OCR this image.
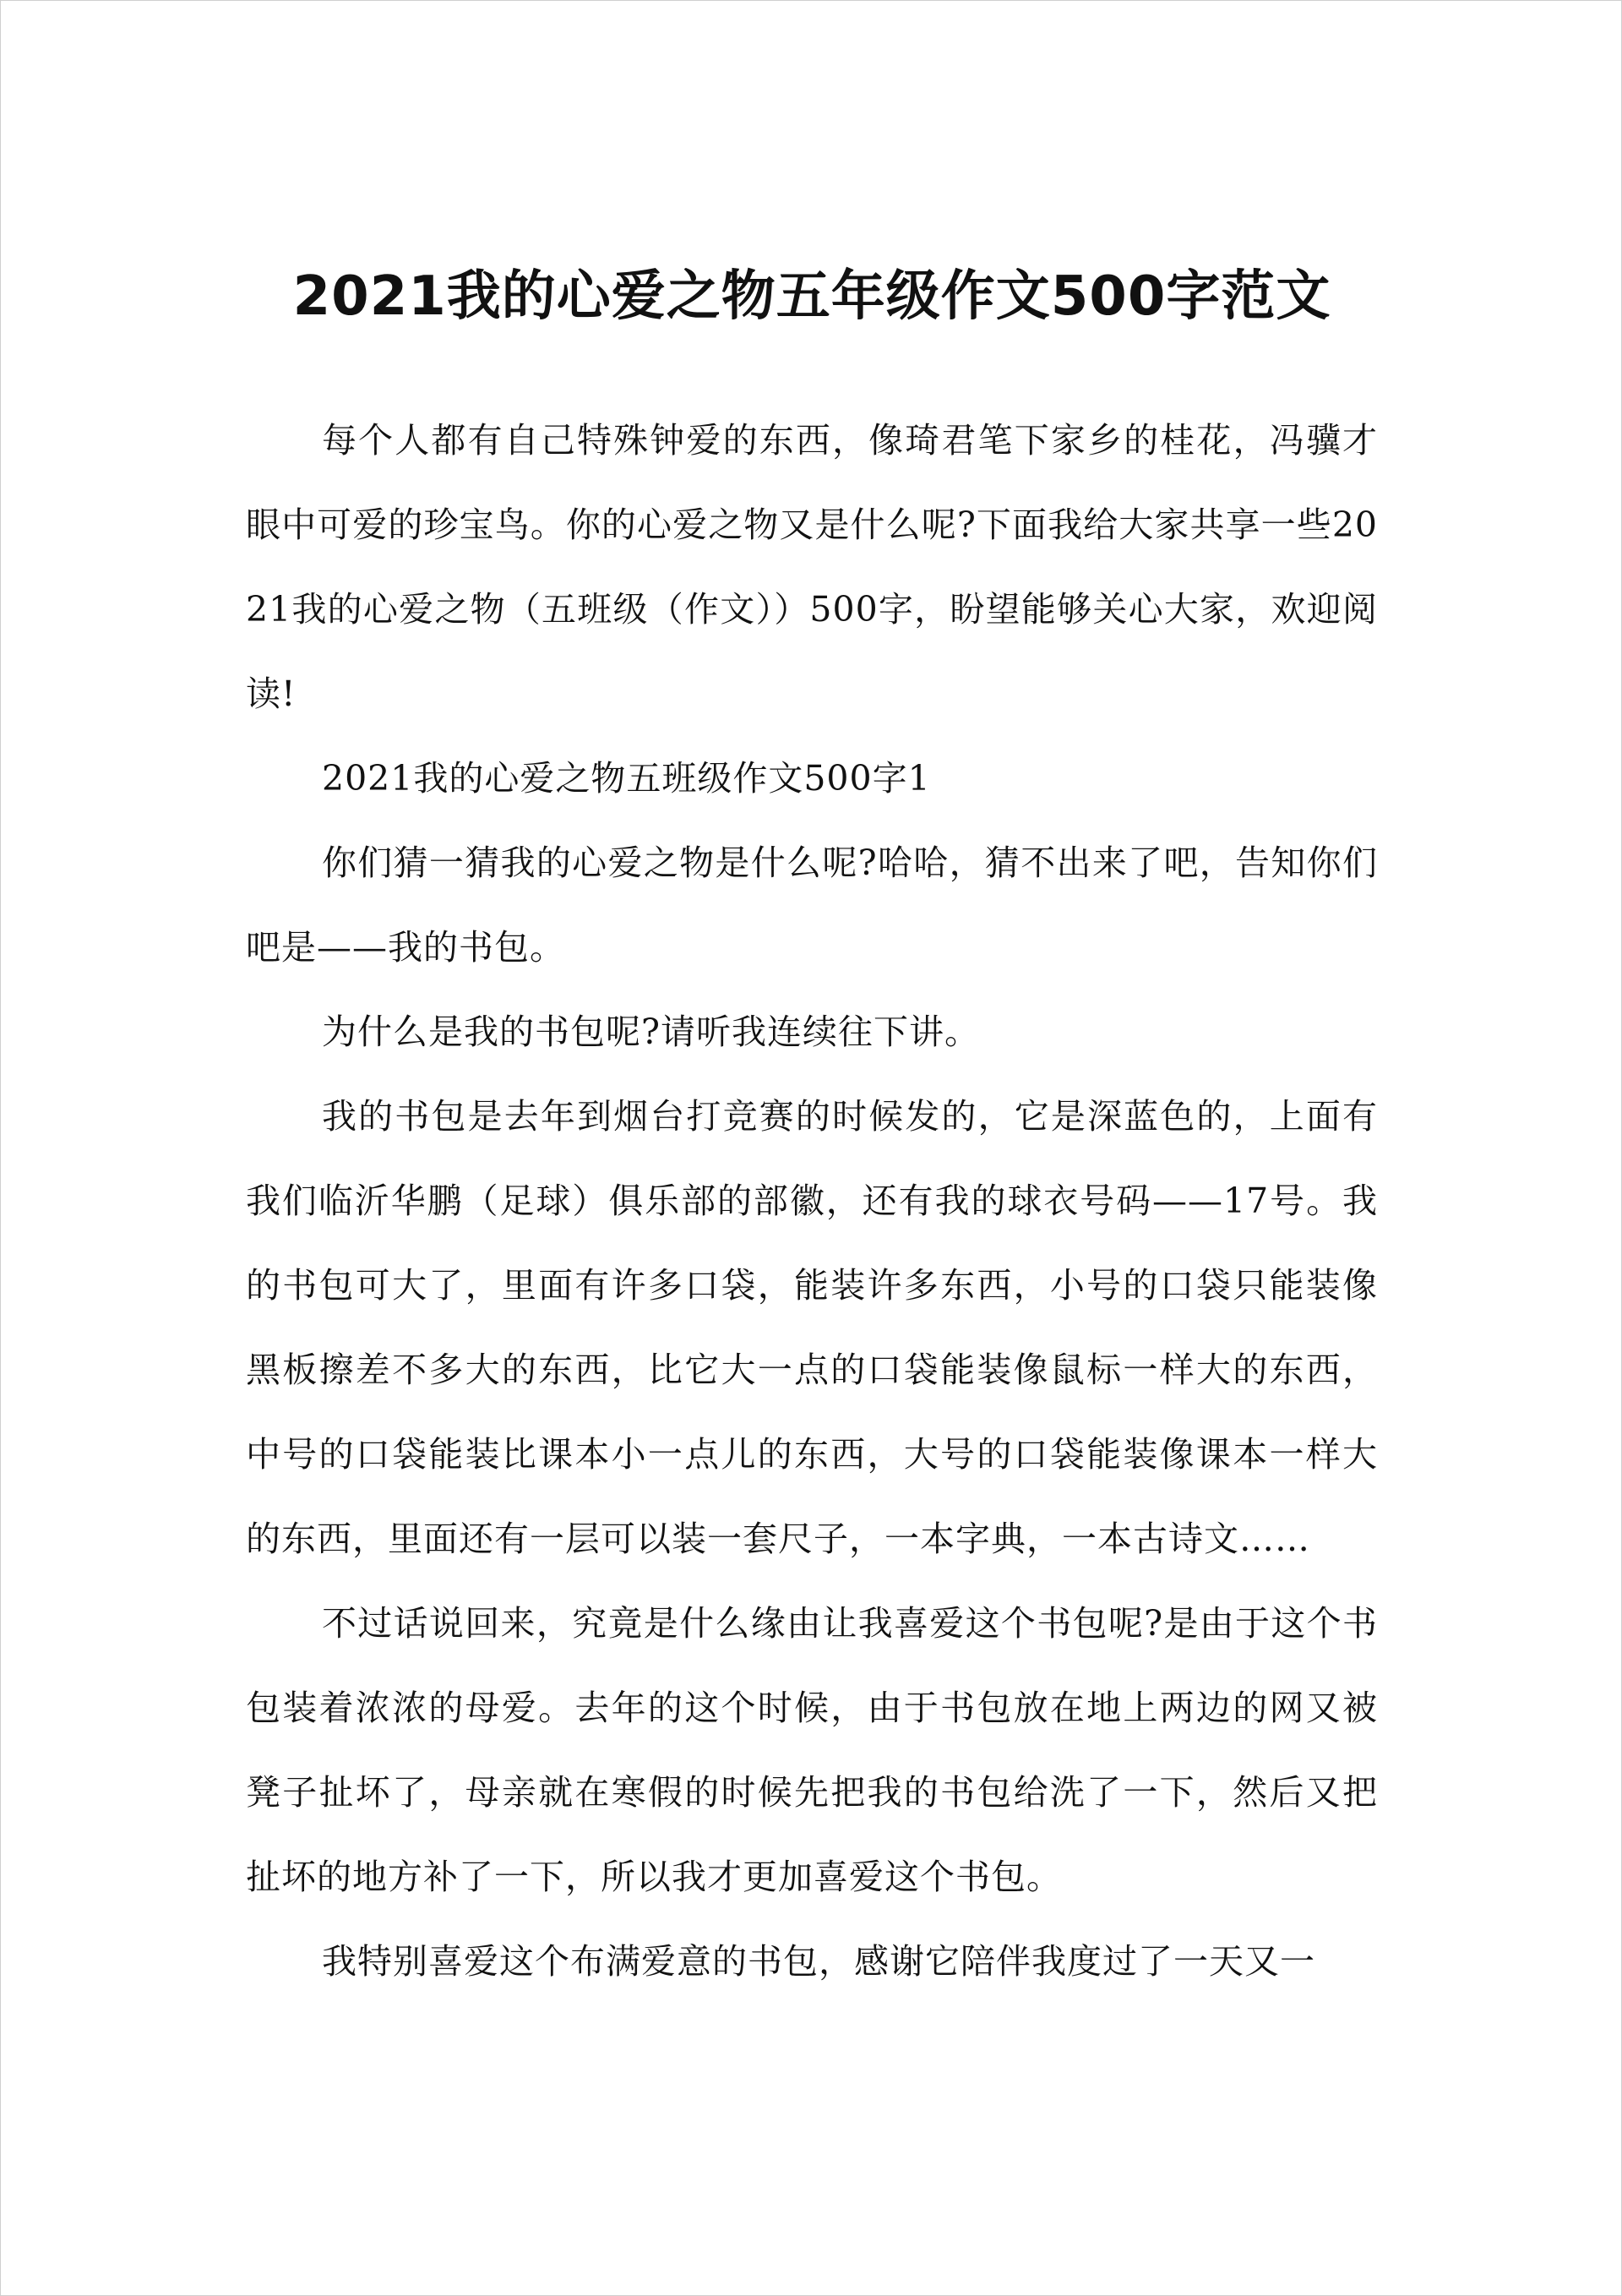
2021我的心爱之物五年级作文500字范文

每个人都有自己特殊钟爱的东西，像琦君笔下家乡的桂花，冯骥才眼中可爱的珍宝鸟。你的心爱之物又是什么呢?下面我给大家共享一些2021我的心爱之物（五班级（作文））500字，盼望能够关心大家，欢迎阅读!

2021我的心爱之物五班级作文500字1

你们猜一猜我的心爱之物是什么呢?哈哈，猜不出来了吧，告知你们吧是——我的书包。

为什么是我的书包呢?请听我连续往下讲。

我的书包是去年到烟台打竞赛的时候发的，它是深蓝色的，上面有我们临沂华鹏（足球）俱乐部的部徽，还有我的球衣号码——17号。我的书包可大了，里面有许多口袋，能装许多东西，小号的口袋只能装像黑板擦差不多大的东西，比它大一点的口袋能装像鼠标一样大的东西，中号的口袋能装比课本小一点儿的东西，大号的口袋能装像课本一样大的东西，里面还有一层可以装一套尺子，一本字典，一本古诗文……

不过话说回来，究竟是什么缘由让我喜爱这个书包呢?是由于这个书包装着浓浓的母爱。去年的这个时候，由于书包放在地上两边的网又被凳子扯坏了，母亲就在寒假的时候先把我的书包给洗了一下，然后又把扯坏的地方补了一下，所以我才更加喜爱这个书包。

我特别喜爱这个布满爱意的书包，感谢它陪伴我度过了一天又一
